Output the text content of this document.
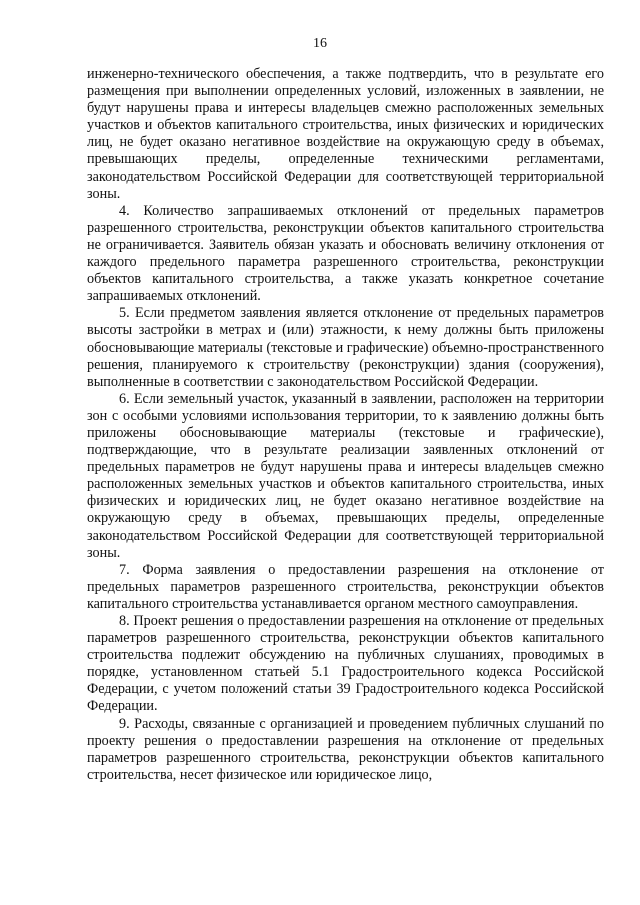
16

инженерно-технического обеспечения, а также подтвердить, что в результате его размещения при выполнении определенных условий, изложенных в заявлении, не будут нарушены права и интересы владельцев смежно расположенных земельных участков и объектов капитального строительства, иных физических и юридических лиц, не будет оказано негативное воздействие на окружающую среду в объемах, превышающих пределы, определенные техническими регламентами, законодательством Российской Федерации для соответствующей территориальной зоны.

4. Количество запрашиваемых отклонений от предельных параметров разрешенного строительства, реконструкции объектов капитального строительства не ограничивается. Заявитель обязан указать и обосновать величину отклонения от каждого предельного параметра разрешенного строительства, реконструкции объектов капитального строительства, а также указать конкретное сочетание запрашиваемых отклонений.

5. Если предметом заявления является отклонение от предельных параметров высоты застройки в метрах и (или) этажности, к нему должны быть приложены обосновывающие материалы (текстовые и графические) объемно-пространственного решения, планируемого к строительству (реконструкции) здания (сооружения), выполненные в соответствии с законодательством Российской Федерации.

6. Если земельный участок, указанный в заявлении, расположен на территории зон с особыми условиями использования территории, то к заявлению должны быть приложены обосновывающие материалы (текстовые и графические), подтверждающие, что в результате реализации заявленных отклонений от предельных параметров не будут нарушены права и интересы владельцев смежно расположенных земельных участков и объектов капитального строительства, иных физических и юридических лиц, не будет оказано негативное воздействие на окружающую среду в объемах, превышающих пределы, определенные законодательством Российской Федерации для соответствующей территориальной зоны.

7. Форма заявления о предоставлении разрешения на отклонение от предельных параметров разрешенного строительства, реконструкции объектов капитального строительства устанавливается органом местного самоуправления.

8. Проект решения о предоставлении разрешения на отклонение от предельных параметров разрешенного строительства, реконструкции объектов капитального строительства подлежит обсуждению на публичных слушаниях, проводимых в порядке, установленном статьей 5.1 Градостроительного кодекса Российской Федерации, с учетом положений статьи 39 Градостроительного кодекса Российской Федерации.

9. Расходы, связанные с организацией и проведением публичных слушаний по проекту решения о предоставлении разрешения на отклонение от предельных параметров разрешенного строительства, реконструкции объектов капитального строительства, несет физическое или юридическое лицо,
